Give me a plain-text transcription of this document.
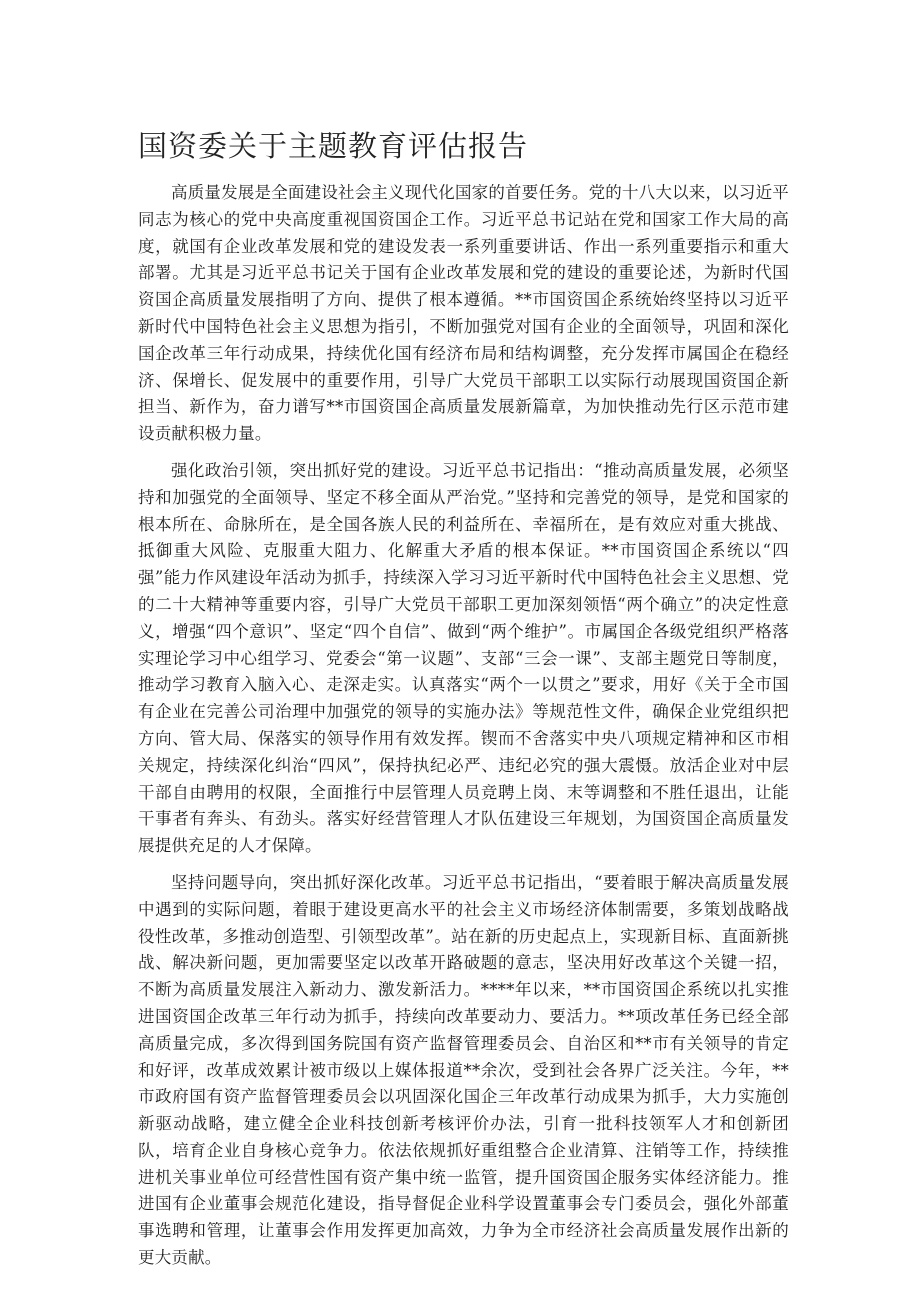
国资委关于主题教育评估报告

高质量发展是全面建设社会主义现代化国家的首要任务。党的十八大以来，以习近平同志为核心的党中央高度重视国资国企工作。习近平总书记站在党和国家工作大局的高度，就国有企业改革发展和党的建设发表一系列重要讲话、作出一系列重要指示和重大部署。尤其是习近平总书记关于国有企业改革发展和党的建设的重要论述，为新时代国资国企高质量发展指明了方向、提供了根本遵循。**市国资国企系统始终坚持以习近平新时代中国特色社会主义思想为指引，不断加强党对国有企业的全面领导，巩固和深化国企改革三年行动成果，持续优化国有经济布局和结构调整，充分发挥市属国企在稳经济、保增长、促发展中的重要作用，引导广大党员干部职工以实际行动展现国资国企新担当、新作为，奋力谱写**市国资国企高质量发展新篇章，为加快推动先行区示范市建设贡献积极力量。

强化政治引领，突出抓好党的建设。习近平总书记指出：“推动高质量发展，必须坚持和加强党的全面领导、坚定不移全面从严治党。”坚持和完善党的领导，是党和国家的根本所在、命脉所在，是全国各族人民的利益所在、幸福所在，是有效应对重大挑战、抵御重大风险、克服重大阻力、化解重大矛盾的根本保证。**市国资国企系统以“四强”能力作风建设年活动为抓手，持续深入学习习近平新时代中国特色社会主义思想、党的二十大精神等重要内容，引导广大党员干部职工更加深刻领悟“两个确立”的决定性意义，增强“四个意识”、坚定“四个自信”、做到“两个维护”。市属国企各级党组织严格落实理论学习中心组学习、党委会“第一议题”、支部“三会一课”、支部主题党日等制度，推动学习教育入脑入心、走深走实。认真落实“两个一以贯之”要求，用好《关于全市国有企业在完善公司治理中加强党的领导的实施办法》等规范性文件，确保企业党组织把方向、管大局、保落实的领导作用有效发挥。锲而不舍落实中央八项规定精神和区市相关规定，持续深化纠治“四风”，保持执纪必严、违纪必究的强大震慑。放活企业对中层干部自由聘用的权限，全面推行中层管理人员竞聘上岗、末等调整和不胜任退出，让能干事者有奔头、有劲头。落实好经营管理人才队伍建设三年规划，为国资国企高质量发展提供充足的人才保障。

坚持问题导向，突出抓好深化改革。习近平总书记指出，“要着眼于解决高质量发展中遇到的实际问题，着眼于建设更高水平的社会主义市场经济体制需要，多策划战略战役性改革，多推动创造型、引领型改革”。站在新的历史起点上，实现新目标、直面新挑战、解决新问题，更加需要坚定以改革开路破题的意志，坚决用好改革这个关键一招，不断为高质量发展注入新动力、激发新活力。****年以来，**市国资国企系统以扎实推进国资国企改革三年行动为抓手，持续向改革要动力、要活力。**项改革任务已经全部高质量完成，多次得到国务院国有资产监督管理委员会、自治区和**市有关领导的肯定和好评，改革成效累计被市级以上媒体报道**余次，受到社会各界广泛关注。今年，**市政府国有资产监督管理委员会以巩固深化国企三年改革行动成果为抓手，大力实施创新驱动战略，建立健全企业科技创新考核评价办法，引育一批科技领军人才和创新团队，培育企业自身核心竞争力。依法依规抓好重组整合企业清算、注销等工作，持续推进机关事业单位可经营性国有资产集中统一监管，提升国资国企服务实体经济能力。推进国有企业董事会规范化建设，指导督促企业科学设置董事会专门委员会，强化外部董事选聘和管理，让董事会作用发挥更加高效，力争为全市经济社会高质量发展作出新的更大贡献。
